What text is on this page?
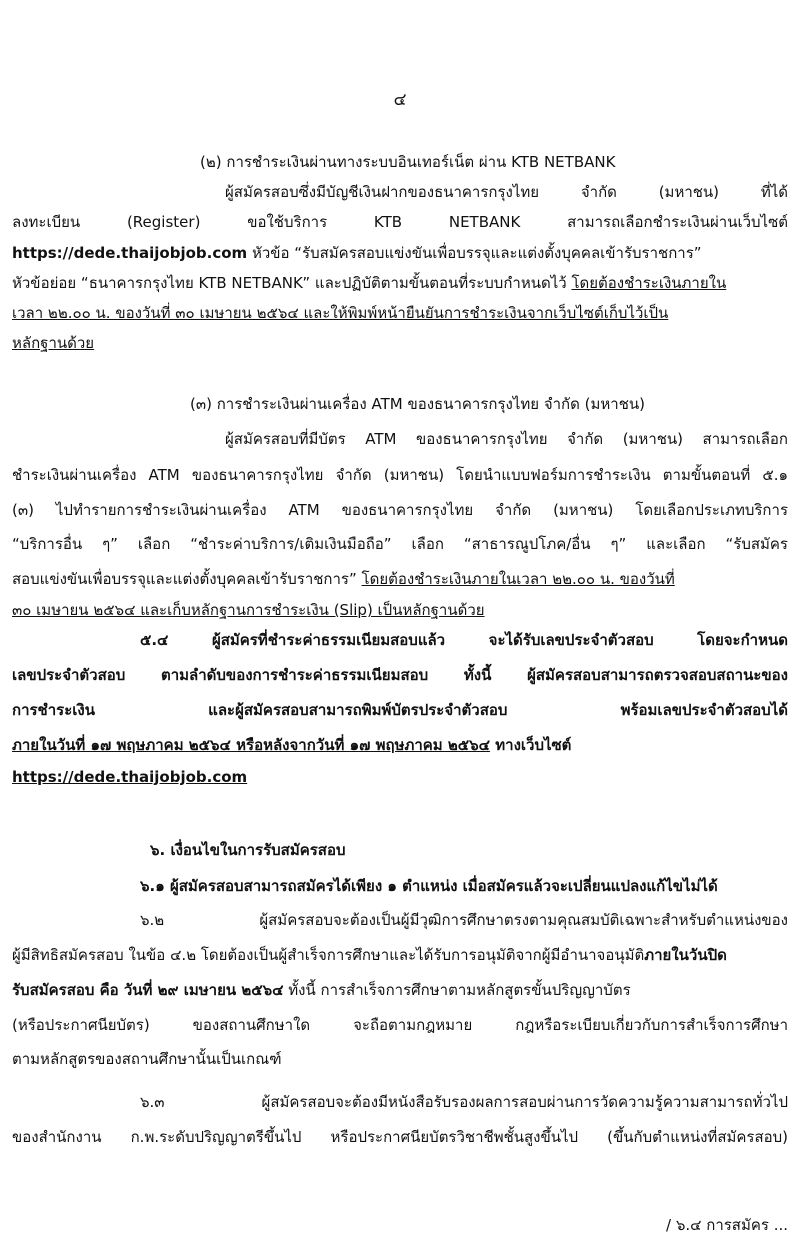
๔
(๒) การชำระเงินผ่านทางระบบอินเทอร์เน็ต ผ่าน KTB NETBANK
ผู้สมัครสอบซึ่งมีบัญชีเงินฝากของธนาคารกรุงไทย จำกัด (มหาชน) ที่ได้
ลงทะเบียน (Register) ขอใช้บริการ KTB NETBANK สามารถเลือกชำระเงินผ่านเว็บไซต์
https://dede.thaijobjob.com หัวข้อ “รับสมัครสอบแข่งขันเพื่อบรรจุและแต่งตั้งบุคคลเข้ารับราชการ”
หัวข้อย่อย “ธนาคารกรุงไทย KTB NETBANK” และปฏิบัติตามขั้นตอนที่ระบบกำหนดไว้ โดยต้องชำระเงินภายใน
เวลา ๒๒.๐๐ น. ของวันที่ ๓๐ เมษายน ๒๕๖๔ และให้พิมพ์หน้ายืนยันการชำระเงินจากเว็บไซต์เก็บไว้เป็น
หลักฐานด้วย
(๓) การชำระเงินผ่านเครื่อง ATM ของธนาคารกรุงไทย จำกัด (มหาชน)
ผู้สมัครสอบที่มีบัตร ATM ของธนาคารกรุงไทย จำกัด (มหาชน) สามารถเลือก
ชำระเงินผ่านเครื่อง ATM ของธนาคารกรุงไทย จำกัด (มหาชน) โดยนำแบบฟอร์มการชำระเงิน ตามขั้นตอนที่ ๕.๑
(๓) ไปทำรายการชำระเงินผ่านเครื่อง ATM ของธนาคารกรุงไทย จำกัด (มหาชน) โดยเลือกประเภทบริการ
“บริการอื่น ๆ” เลือก “ชำระค่าบริการ/เติมเงินมือถือ” เลือก “สาธารณูปโภค/อื่น ๆ” และเลือก “รับสมัคร
สอบแข่งขันเพื่อบรรจุและแต่งตั้งบุคคลเข้ารับราชการ” โดยต้องชำระเงินภายในเวลา ๒๒.๐๐ น. ของวันที่
๓๐ เมษายน ๒๕๖๔ และเก็บหลักฐานการชำระเงิน (Slip) เป็นหลักฐานด้วย
๕.๔ ผู้สมัครที่ชำระค่าธรรมเนียมสอบแล้ว จะได้รับเลขประจำตัวสอบ โดยจะกำหนด
เลขประจำตัวสอบ ตามลำดับของการชำระค่าธรรมเนียมสอบ ทั้งนี้ ผู้สมัครสอบสามารถตรวจสอบสถานะของ
การชำระเงิน และผู้สมัครสอบสามารถพิมพ์บัตรประจำตัวสอบ พร้อมเลขประจำตัวสอบได้
ภายในวันที่ ๑๗ พฤษภาคม ๒๕๖๔ หรือหลังจากวันที่ ๑๗ พฤษภาคม ๒๕๖๔ ทางเว็บไซต์
https://dede.thaijobjob.com
๖. เงื่อนไขในการรับสมัครสอบ
๖.๑ ผู้สมัครสอบสามารถสมัครได้เพียง ๑ ตำแหน่ง เมื่อสมัครแล้วจะเปลี่ยนแปลงแก้ไขไม่ได้
๖.๒ ผู้สมัครสอบจะต้องเป็นผู้มีวุฒิการศึกษาตรงตามคุณสมบัติเฉพาะสำหรับตำแหน่งของ
ผู้มีสิทธิสมัครสอบ ในข้อ ๔.๒ โดยต้องเป็นผู้สำเร็จการศึกษาและได้รับการอนุมัติจากผู้มีอำนาจอนุมัติภายในวันปิด
รับสมัครสอบ คือ วันที่ ๒๙ เมษายน ๒๕๖๔ ทั้งนี้ การสำเร็จการศึกษาตามหลักสูตรขั้นปริญญาบัตร
(หรือประกาศนียบัตร) ของสถานศึกษาใด จะถือตามกฎหมาย กฎหรือระเบียบเกี่ยวกับการสำเร็จการศึกษา
ตามหลักสูตรของสถานศึกษานั้นเป็นเกณฑ์
๖.๓ ผู้สมัครสอบจะต้องมีหนังสือรับรองผลการสอบผ่านการวัดความรู้ความสามารถทั่วไป
ของสำนักงาน ก.พ.ระดับปริญญาตรีขึ้นไป หรือประกาศนียบัตรวิชาชีพชั้นสูงขึ้นไป (ขึ้นกับตำแหน่งที่สมัครสอบ)
/ ๖.๔ การสมัคร ...
